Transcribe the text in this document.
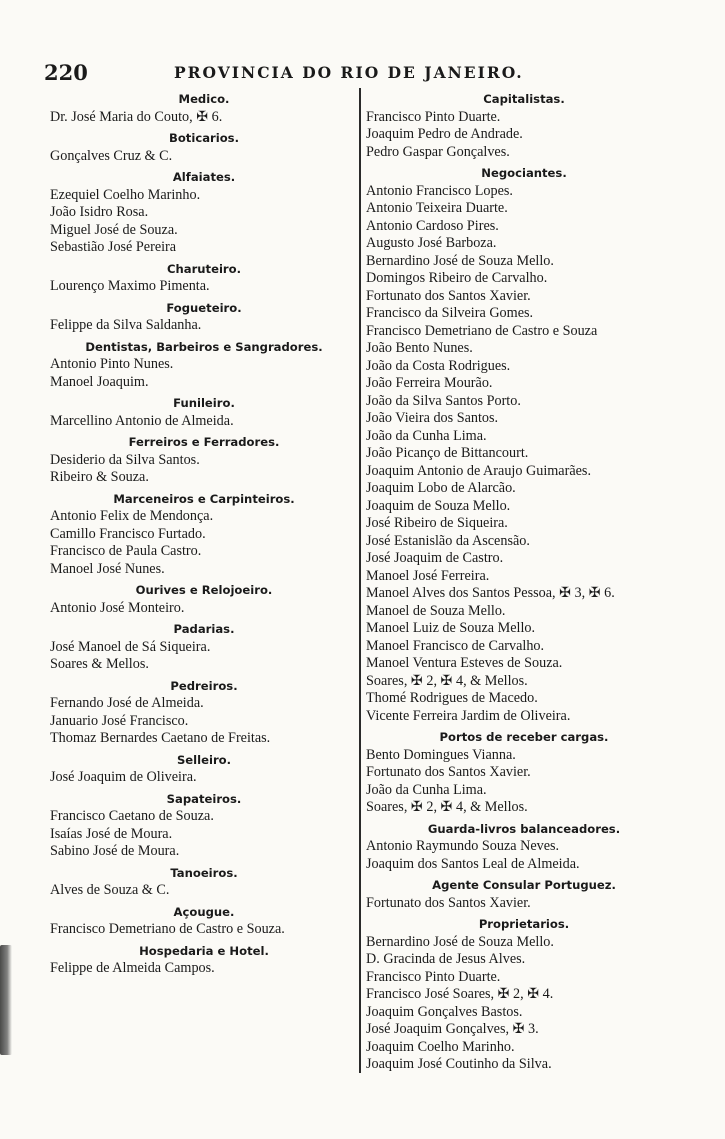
220	PROVINCIA DO RIO DE JANEIRO.
Medico.
Dr. José Maria do Couto, ✠ 6.
Boticarios.
Gonçalves Cruz & C.
Alfaiates.
Ezequiel Coelho Marinho.
João Isidro Rosa.
Miguel José de Souza.
Sebastião José Pereira
Charuteiro.
Lourenço Maximo Pimenta.
Fogueteiro.
Felippe da Silva Saldanha.
Dentistas, Barbeiros e Sangradores.
Antonio Pinto Nunes.
Manoel Joaquim.
Funileiro.
Marcellino Antonio de Almeida.
Ferreiros e Ferradores.
Desiderio da Silva Santos.
Ribeiro & Souza.
Marceneiros e Carpinteiros.
Antonio Felix de Mendonça.
Camillo Francisco Furtado.
Francisco de Paula Castro.
Manoel José Nunes.
Ourives e Relojoeiro.
Antonio José Monteiro.
Padarias.
José Manoel de Sá Siqueira.
Soares & Mellos.
Pedreiros.
Fernando José de Almeida.
Januario José Francisco.
Thomaz Bernardes Caetano de Freitas.
Selleiro.
José Joaquim de Oliveira.
Sapateiros.
Francisco Caetano de Souza.
Isaías José de Moura.
Sabino José de Moura.
Tanoeiros.
Alves de Souza & C.
Açougue.
Francisco Demetriano de Castro e Souza.
Hospedaria e Hotel.
Felippe de Almeida Campos.
Capitalistas.
Francisco Pinto Duarte.
Joaquim Pedro de Andrade.
Pedro Gaspar Gonçalves.
Negociantes.
Antonio Francisco Lopes.
Antonio Teixeira Duarte.
Antonio Cardoso Pires.
Augusto José Barboza.
Bernardino José de Souza Mello.
Domingos Ribeiro de Carvalho.
Fortunato dos Santos Xavier.
Francisco da Silveira Gomes.
Francisco Demetriano de Castro e Souza
João Bento Nunes.
João da Costa Rodrigues.
João Ferreira Mourão.
João da Silva Santos Porto.
João Vieira dos Santos.
João da Cunha Lima.
João Picanço de Bittancourt.
Joaquim Antonio de Araujo Guimarães.
Joaquim Lobo de Alarcão.
Joaquim de Souza Mello.
José Ribeiro de Siqueira.
José Estanislão da Ascensão.
José Joaquim de Castro.
Manoel José Ferreira.
Manoel Alves dos Santos Pessoa, ✠ 3, ✠ 6.
Manoel de Souza Mello.
Manoel Luiz de Souza Mello.
Manoel Francisco de Carvalho.
Manoel Ventura Esteves de Souza.
Soares, ✠ 2, ✠ 4, & Mellos.
Thomé Rodrigues de Macedo.
Vicente Ferreira Jardim de Oliveira.
Portos de receber cargas.
Bento Domingues Vianna.
Fortunato dos Santos Xavier.
João da Cunha Lima.
Soares, ✠ 2, ✠ 4, & Mellos.
Guarda-livros balanceadores.
Antonio Raymundo Souza Neves.
Joaquim dos Santos Leal de Almeida.
Agente Consular Portuguez.
Fortunato dos Santos Xavier.
Proprietarios.
Bernardino José de Souza Mello.
D. Gracinda de Jesus Alves.
Francisco Pinto Duarte.
Francisco José Soares, ✠ 2, ✠ 4.
Joaquim Gonçalves Bastos.
José Joaquim Gonçalves, ✠ 3.
Joaquim Coelho Marinho.
Joaquim José Coutinho da Silva.
